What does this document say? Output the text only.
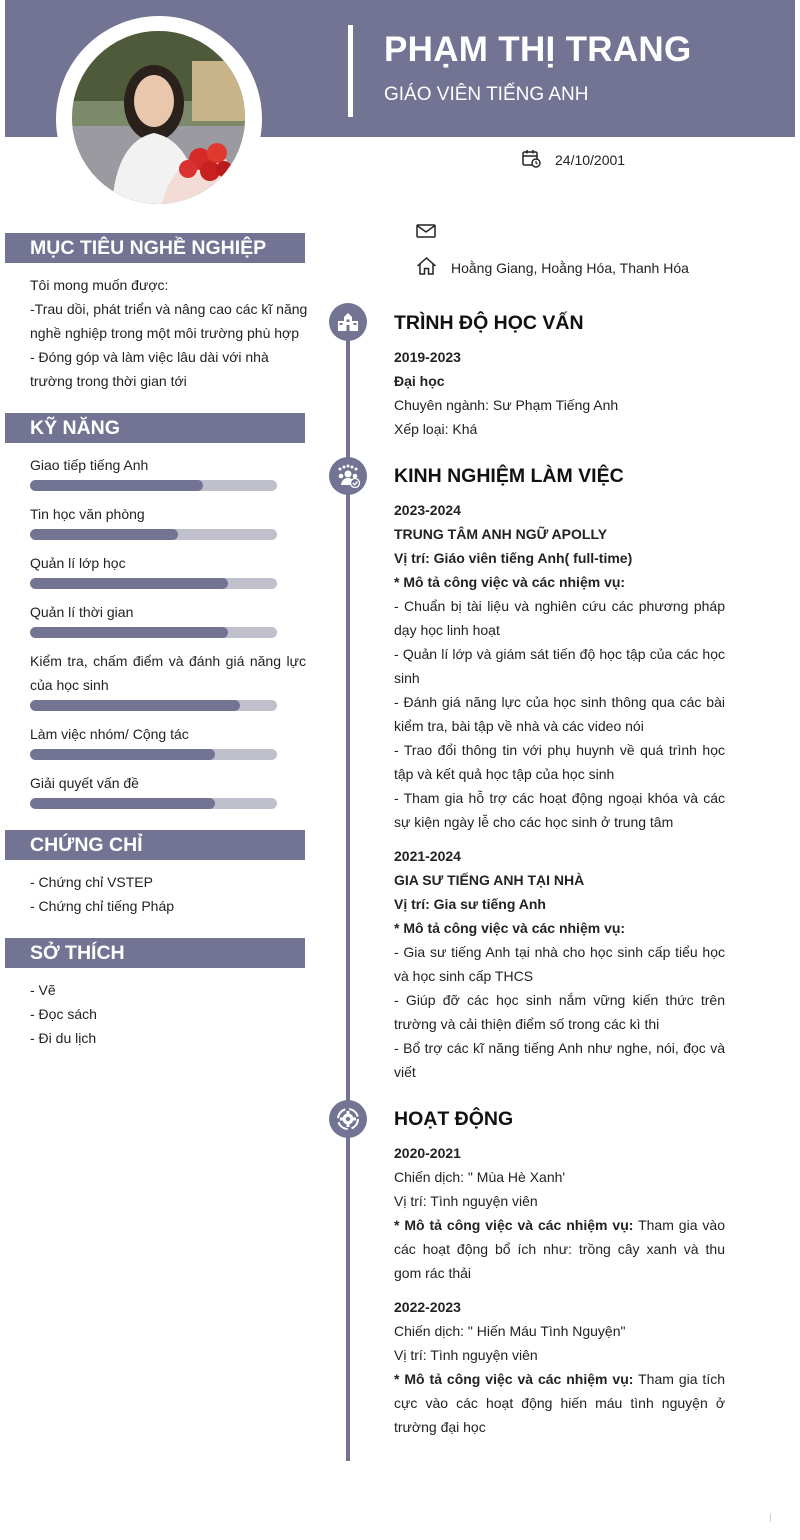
PHẠM THỊ TRANG
GIÁO VIÊN TIẾNG ANH
24/10/2001
Hoằng Giang, Hoằng Hóa, Thanh Hóa
MỤC TIÊU NGHỀ NGHIỆP
Tôi mong muốn được:
-Trau dồi, phát triển và nâng cao các kĩ năng nghề nghiệp trong một môi trường phù hợp
- Đóng góp và làm việc lâu dài với nhà trường trong thời gian tới
KỸ NĂNG
Giao tiếp tiếng Anh
Tin học văn phòng
Quản lí lớp học
Quản lí thời gian
Kiểm tra, chấm điểm và đánh giá năng lực của học sinh
Làm việc nhóm/ Cộng tác
Giải quyết vấn đề
CHỨNG CHỈ
- Chứng chỉ VSTEP
- Chứng chỉ tiếng Pháp
SỞ THÍCH
- Vẽ
- Đọc sách
- Đi du lịch
TRÌNH ĐỘ HỌC VẤN
2019-2023
Đại học
Chuyên ngành: Sư Phạm Tiếng Anh
Xếp loại: Khá
KINH NGHIỆM LÀM VIỆC
2023-2024
TRUNG TÂM ANH NGỮ APOLLY
Vị trí: Giáo viên tiếng Anh( full-time)
* Mô tả công việc và các nhiệm vụ:
- Chuẩn bị tài liệu và nghiên cứu các phương pháp dạy học linh hoạt
- Quản lí lớp và giám sát tiến độ học tập của các học sinh
- Đánh giá năng lực của học sinh thông qua các bài kiểm tra, bài tập về nhà và các video nói
- Trao đổi thông tin với phụ huynh về quá trình học tập và kết quả học tập của học sinh
- Tham gia hỗ trợ các hoạt động ngoại khóa và các sự kiện ngày lễ cho các học sinh ở trung tâm
2021-2024
GIA SƯ TIẾNG ANH TẠI NHÀ
Vị trí: Gia sư tiếng Anh
* Mô tả công việc và các nhiệm vụ:
- Gia sư tiếng Anh tại nhà cho học sinh cấp tiểu học và học sinh cấp THCS
- Giúp đỡ các học sinh nắm vững kiến thức trên trường và cải thiện điểm số trong các kì thi
- Bổ trợ các kĩ năng tiếng Anh như nghe, nói, đọc và viết
HOẠT ĐỘNG
2020-2021
Chiến dịch: " Mùa Hè Xanh'
Vị trí: Tình nguyện viên
* Mô tả công việc và các nhiệm vụ: Tham gia vào các hoạt động bổ ích như: trồng cây xanh và thu gom rác thải
2022-2023
Chiến dịch: " Hiến Máu Tình Nguyện"
Vị trí: Tình nguyện viên
* Mô tả công việc và các nhiệm vụ: Tham gia tích cực vào các hoạt động hiến máu tình nguyện ở trường đại học
